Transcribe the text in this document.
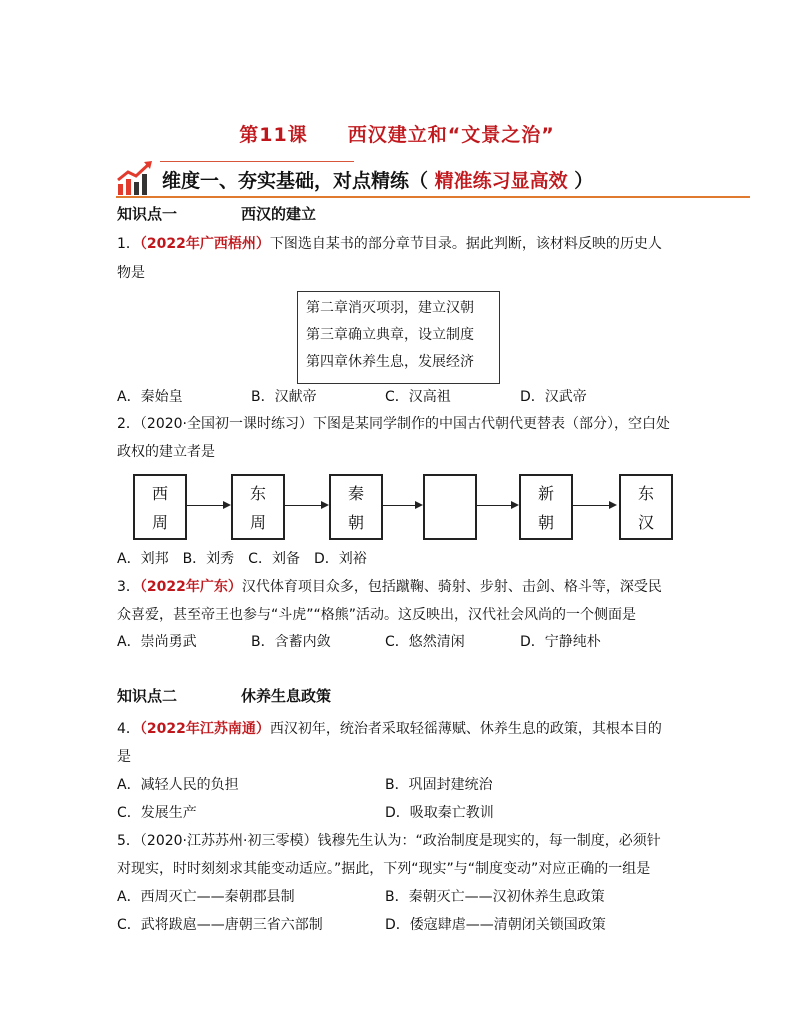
第11课 西汉建立和“文景之治”
维度一、夯实基础，对点精练（ 精准练习显高效 ）
知识点一	西汉的建立
1．（2022年广西梧州）下图选自某书的部分章节目录。据此判断，该材料反映的历史人
物是
第二章消灭项羽，建立汉朝
第三章确立典章，设立制度
第四章休养生息，发展经济
A．秦始皇	B．汉献帝	C．汉高祖	D．汉武帝
2．（2020·全国初一课时练习）下图是某同学制作的中国古代朝代更替表（部分），空白处
政权的建立者是
西
周
东
周
秦
朝
新
朝
东
汉
A．刘邦　B．刘秀　C．刘备　D．刘裕
3．（2022年广东）汉代体育项目众多，包括蹴鞠、骑射、步射、击剑、格斗等，深受民
众喜爱，甚至帝王也参与“斗虎”“格熊”活动。这反映出，汉代社会风尚的一个侧面是
A．崇尚勇武	B．含蓄内敛	C．悠然清闲	D．宁静纯朴
知识点二	休养生息政策
4．（2022年江苏南通）西汉初年，统治者采取轻徭薄赋、休养生息的政策，其根本目的
是
A．减轻人民的负担	B．巩固封建统治
C．发展生产	D．吸取秦亡教训
5．（2020·江苏苏州·初三零模）钱穆先生认为：“政治制度是现实的，每一制度，必须针
对现实，时时刻刻求其能变动适应。”据此，下列“现实”与“制度变动”对应正确的一组是
A．西周灭亡——秦朝郡县制	B．秦朝灭亡——汉初休养生息政策
C．武将跋扈——唐朝三省六部制	D．倭寇肆虐——清朝闭关锁国政策
